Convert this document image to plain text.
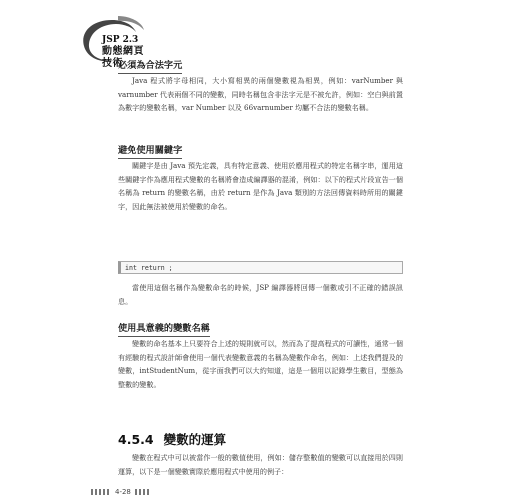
JSP 2.3
動態網頁技術
必須為合法字元

Java 程式將字母相同，大小寫相異的兩個變數視為相異，例如：varNumber 與 varnumber 代表兩個不同的變數，同時名稱包含非法字元是不被允許，例如：空白與前置為數字的變數名稱，var Number 以及 66varnumber 均屬不合法的變數名稱。

避免使用關鍵字

關鍵字是由 Java 預先定義，具有特定意義、使用於應用程式的特定名稱字串，運用這些關鍵字作為應用程式變數的名稱將會造成編譯器的混淆，例如：以下的程式片段宣告一個名稱為 return 的變數名稱，由於 return 是作為 Java 類別的方法回傳資料時所用的關鍵字，因此無法被使用於變數的命名。

int return ;

當使用這個名稱作為變數命名的時候，JSP 編譯器將回傳一個數或引不正確的錯誤訊息。

使用具意義的變數名稱

變數的命名基本上只要符合上述的規則就可以，然而為了提高程式的可讀性，通常一個有經驗的程式設計師會使用一個代表變數意義的名稱為變數作命名，例如：上述我們提及的變數，intStudentNum，從字面我們可以大約知道，這是一個用以記錄學生數目，型態為整數的變數。

4.5.4 變數的運算

變數在程式中可以被當作一般的數值使用，例如：儲存整數值的變數可以直接用於四則運算，以下是一個變數實際於應用程式中使用的例子：

4-28
